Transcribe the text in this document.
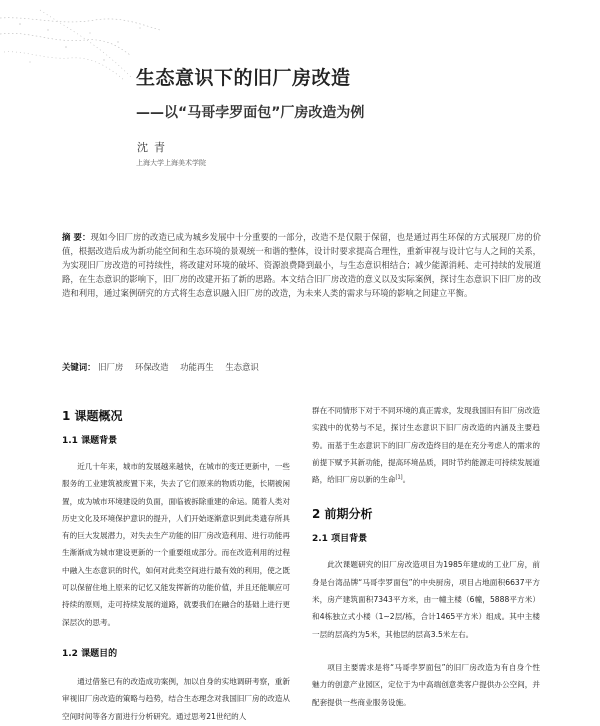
生态意识下的旧厂房改造
——以“马哥孛罗面包”厂房改造为例
沈青
上海大学上海美术学院
摘 要：现如今旧厂房的改造已成为城乡发展中十分重要的一部分，改造不是仅限于保留，也是通过再生环保的方式展现厂房的价值，根据改造后成为新功能空间和生态环境的景观统一和谐的整体，设计时要求提高合理性，重新审视与设计它与人之间的关系，为实现旧厂房改造的可持续性，将改建对环境的破坏、资源浪费降到最小，与生态意识相结合；减少能源消耗、走可持续的发展道路，在生态意识的影响下，旧厂房的改建开拓了新的思路。本文结合旧厂房改造的意义以及实际案例，探讨生态意识下旧厂房的改造和利用，通过案例研究的方式将生态意识融入旧厂房的改造，为未来人类的需求与环境的影响之间建立平衡。
关键词： 旧厂房 环保改造 功能再生 生态意识

1 课题概况

1.1 课题背景

近几十年来，城市的发展越来越快，在城市的变迁更新中，一些服务的工业建筑被废置下来，失去了它们原来的物质功能，长期被闲置，成为城市环境建设的负面，面临被拆除重建的命运。随着人类对历史文化及环境保护意识的提升，人们开始逐渐意识到此类遗存所具有的巨大发展潜力，对失去生产功能的旧厂房改造利用、进行功能再生渐渐成为城市建设更新的一个重要组成部分。而在改造利用的过程中融入生态意识的时代，如何对此类空间进行最有效的利用，使之既可以保留住地上原来的记忆又能发挥新的功能价值，并且还能顺应可持续的原则，走可持续发展的道路，就要我们在融合的基础上进行更深层次的思考。

1.2 课题目的

通过借鉴已有的改造成功案例，加以自身的实地调研考察，重新审视旧厂房改造的策略与趋势，结合生态理念对我国旧厂房的改造从空间时间等各方面进行分析研究。通过思考21世纪的人

群在不同情形下对于不同环境的真正需求，发现我国旧有旧厂房改造实践中的优势与不足，探讨生态意识下旧厂房改造的内涵及主要趋势。而基于生态意识下的旧厂房改造终目的是在充分考虑人的需求的前提下赋予其新功能，提高环境品质，同时节约能源走可持续发展道路，给旧厂房以新的生命[1]。

2 前期分析

2.1 项目背景

此次课题研究的旧厂房改造项目为1985年建成的工业厂房，前身是台湾品牌“马哥孛罗面包”的中央厨房，项目占地面积6637平方米，房产建筑面积7343平方米，由一幢主楼（6幢，5888平方米）和4栋独立式小楼（1~2层/栋，合计1465平方米）组成。其中主楼一层的层高约为5米，其他层的层高3.5米左右。

项目主要需求是将“马哥孛罗面包”的旧厂房改造为有自身个性魅力的创意产业园区，定位于为中高端创意类客户提供办公空间，并配套提供一些商业服务设施。
